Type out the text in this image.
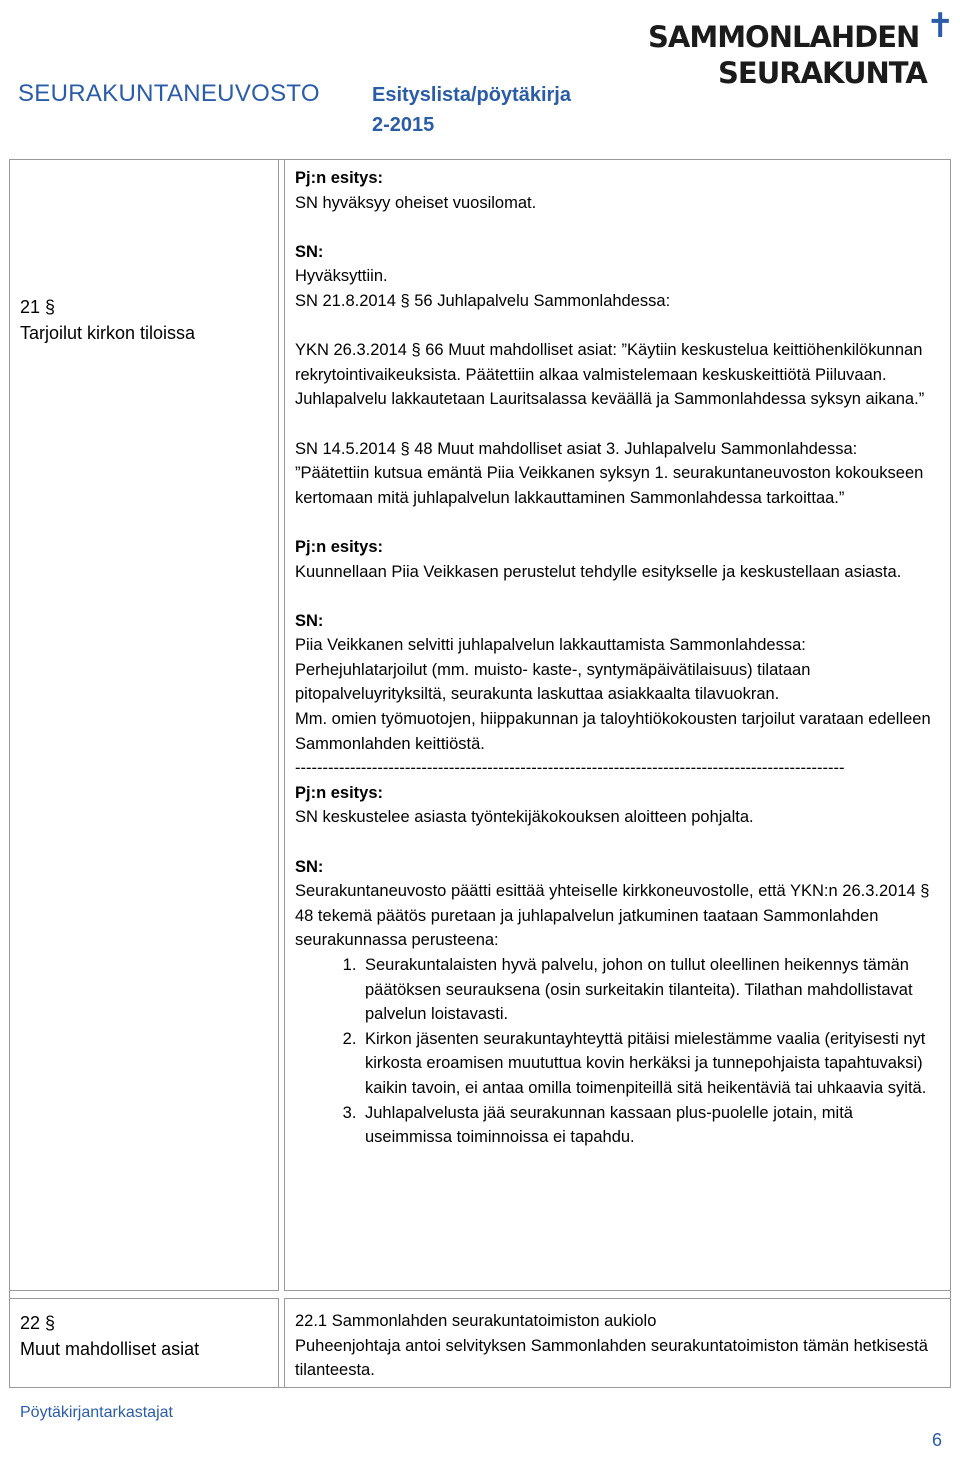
SEURAKUNTANEUVOSTO	Esityslista/pöytäkirja
2-2015
SAMMONLAHDEN ✝
SEURAKUNTA
21 §
Tarjoilut kirkon tiloissa
22 §
Muut mahdolliset asiat

Pj:n esitys:

SN hyväksyy oheiset vuosilomat.

SN:

Hyväksyttiin.

SN 21.8.2014 § 56 Juhlapalvelu Sammonlahdessa:

YKN 26.3.2014 § 66 Muut mahdolliset asiat: ”Käytiin keskustelua keittiöhenkilökunnan rekrytointivaikeuksista. Päätettiin alkaa valmistelemaan keskuskeittiötä Piiluvaan. Juhlapalvelu lakkautetaan Lauritsalassa keväällä ja Sammonlahdessa syksyn aikana.”

SN 14.5.2014 § 48 Muut mahdolliset asiat 3. Juhlapalvelu Sammonlahdessa: ”Päätettiin kutsua emäntä Piia Veikkanen syksyn 1. seurakuntaneuvoston kokoukseen kertomaan mitä juhlapalvelun lakkauttaminen Sammonlahdessa tarkoittaa.”

Pj:n esitys:

Kuunnellaan Piia Veikkasen perustelut tehdylle esitykselle ja keskustellaan asiasta.

SN:

Piia Veikkanen selvitti juhlapalvelun lakkauttamista Sammonlahdessa:

Perhejuhlatarjoilut (mm. muisto- kaste-, syntymäpäivätilaisuus) tilataan pitopalveluyrityksiltä, seurakunta laskuttaa asiakkaalta tilavuokran.

Mm. omien työmuotojen, hiippakunnan ja taloyhtiökokousten tarjoilut varataan edelleen Sammonlahden keittiöstä.

----------------------------------------------------------------------------------------------------

Pj:n esitys:

SN keskustelee asiasta työntekijäkokouksen aloitteen pohjalta.

SN:

Seurakuntaneuvosto päätti esittää yhteiselle kirkkoneuvostolle, että YKN:n 26.3.2014 § 48 tekemä päätös puretaan ja juhlapalvelun jatkuminen taataan Sammonlahden seurakunnassa perusteena:

1. Seurakuntalaisten hyvä palvelu, johon on tullut oleellinen heikennys tämän päätöksen seurauksena (osin surkeitakin tilanteita). Tilathan mahdollistavat palvelun loistavasti.
2. Kirkon jäsenten seurakuntayhteyttä pitäisi mielestämme vaalia (erityisesti nyt kirkosta eroamisen muututtua kovin herkäksi ja tunnepohjaista tapahtuvaksi) kaikin tavoin, ei antaa omilla toimenpiteillä sitä heikentäviä tai uhkaavia syitä.
3. Juhlapalvelusta jää seurakunnan kassaan plus-puolelle jotain, mitä useimmissa toiminnoissa ei tapahdu.

22.1 Sammonlahden seurakuntatoimiston aukiolo

Puheenjohtaja antoi selvityksen Sammonlahden seurakuntatoimiston tämän hetkisestä tilanteesta.

Pöytäkirjantarkastajat
6
